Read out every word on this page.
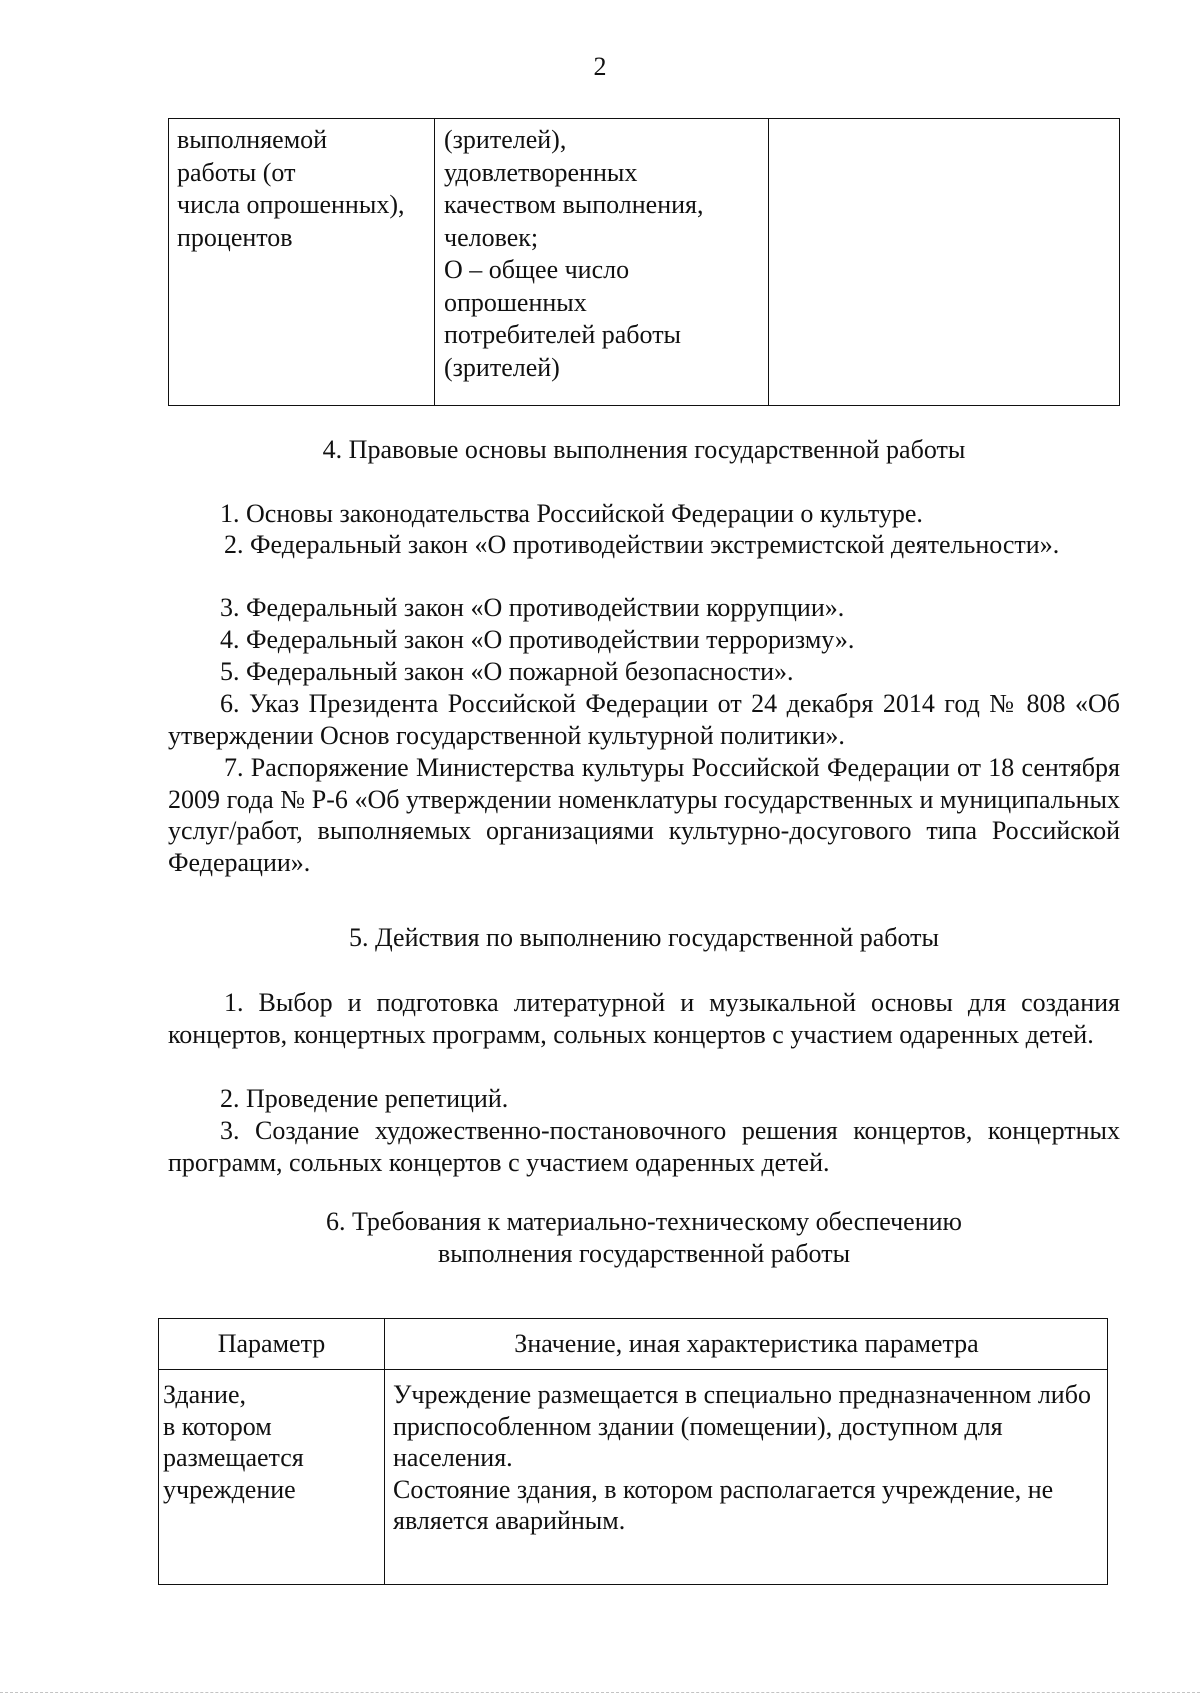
2
выполняемой
работы (от
числа опрошенных),
процентов
(зрителей),
удовлетворенных
качеством выполнения,
человек;
О – общее число
опрошенных
потребителей работы
(зрителей)
4. Правовые основы выполнения государственной работы
1. Основы законодательства Российской Федерации о культуре.
2. Федеральный закон «О противодействии экстремистской деятельности».
3. Федеральный закон «О противодействии коррупции».
4. Федеральный закон «О противодействии терроризму».
5. Федеральный закон «О пожарной безопасности».
6. Указ Президента Российской Федерации от 24 декабря 2014 год № 808 «Об утверждении Основ государственной культурной политики».
7. Распоряжение Министерства культуры Российской Федерации от 18 сентября 2009 года № Р-6 «Об утверждении номенклатуры государственных и муниципальных услуг/работ, выполняемых организациями культурно-досугового типа Российской Федерации».
5. Действия по выполнению государственной работы
1. Выбор и подготовка литературной и музыкальной основы для создания концертов, концертных программ, сольных концертов с участием одаренных детей.
2. Проведение репетиций.
3. Создание художественно-постановочного решения концертов, концертных программ, сольных концертов с участием одаренных детей.
6. Требования к материально-техническому обеспечению
выполнения государственной работы
Параметр	Значение, иная характеристика параметра
Здание,
в котором
размещается
учреждение
Учреждение размещается в специально предназначенном либо приспособленном здании (помещении), доступном для населения.
Состояние здания, в котором располагается учреждение, не является аварийным.
